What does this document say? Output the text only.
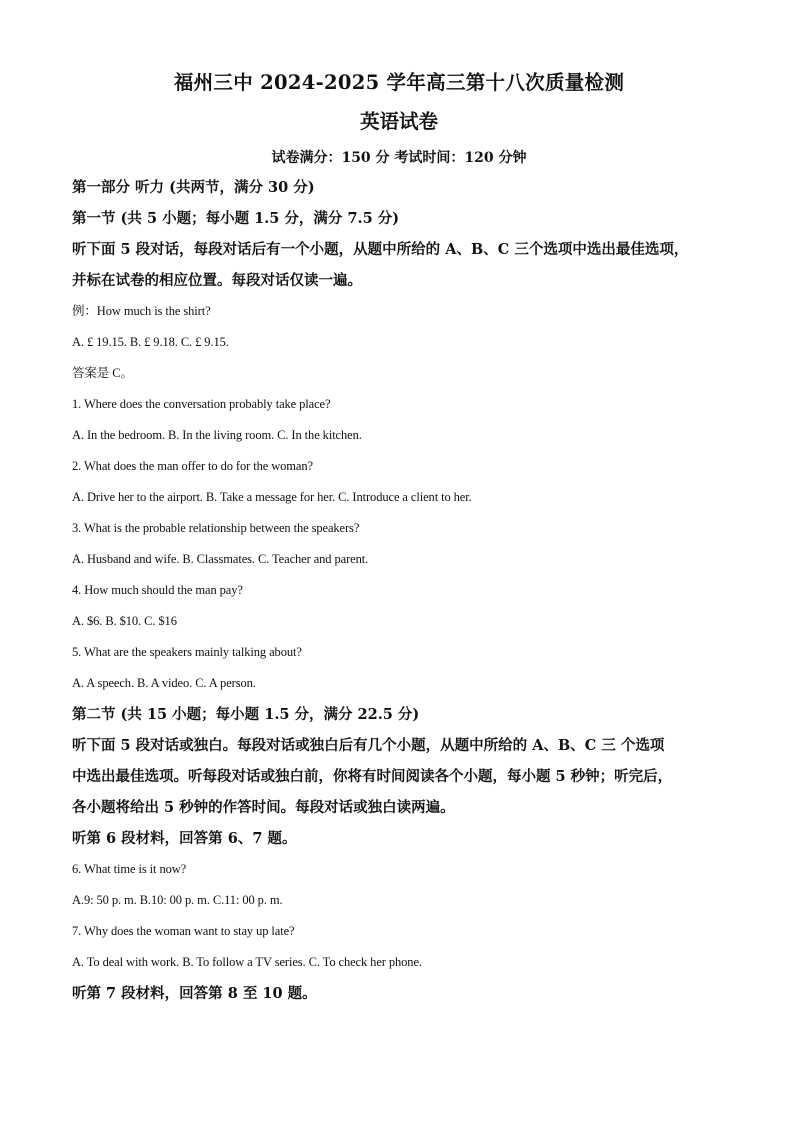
福州三中 2024-2025 学年高三第十八次质量检测
英语试卷

试卷满分：150 分 考试时间：120 分钟

第一部分 听力 (共两节，满分 30 分)

第一节 (共 5 小题；每小题 1.5 分，满分 7.5 分)

听下面 5 段对话，每段对话后有一个小题，从题中所给的 A、B、C 三个选项中选出最佳选项，

并标在试卷的相应位置。每段对话仅读一遍。

例：How much is the shirt?

A. £ 19.15. B. £ 9.18. C. £ 9.15.

答案是 C。

1. Where does the conversation probably take place?

A. In the bedroom. B. In the living room. C. In the kitchen.

2. What does the man offer to do for the woman?

A. Drive her to the airport. B. Take a message for her. C. Introduce a client to her.

3. What is the probable relationship between the speakers?

A. Husband and wife. B. Classmates. C. Teacher and parent.

4. How much should the man pay?

A. $6. B. $10. C. $16

5. What are the speakers mainly talking about?

A. A speech. B. A video. C. A person.

第二节 (共 15 小题；每小题 1.5 分，满分 22.5 分)

听下面 5 段对话或独白。每段对话或独白后有几个小题，从题中所给的 A、B、C 三 个选项

中选出最佳选项。听每段对话或独白前，你将有时间阅读各个小题，每小题 5 秒钟；听完后，

各小题将给出 5 秒钟的作答时间。每段对话或独白读两遍。

听第 6 段材料，回答第 6、7 题。

6. What time is it now?

A.9: 50 p. m. B.10: 00 p. m. C.11: 00 p. m.

7. Why does the woman want to stay up late?

A. To deal with work. B. To follow a TV series. C. To check her phone.

听第 7 段材料，回答第 8 至 10 题。
